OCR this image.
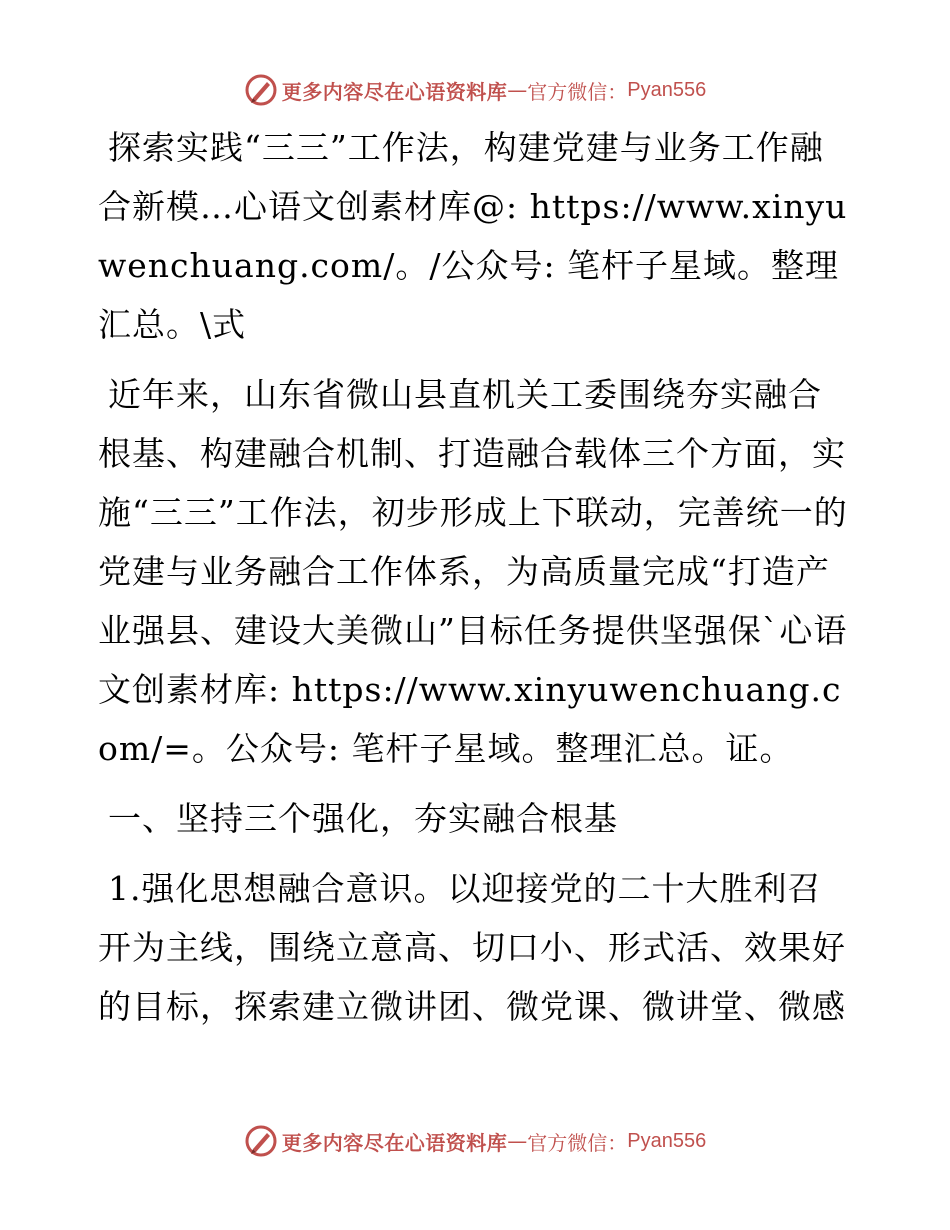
更多内容尽在心语资料库 — 官方微信： Pyan556

探索实践“三三”工作法，构建党建与业务工作融合新模…心语文创素材库@: https://www.xinyuwenchuang.com/。/公众号: 笔杆子星域。整理汇总。\式

近年来，山东省微山县直机关工委围绕夯实融合根基、构建融合机制、打造融合载体三个方面，实施“三三”工作法，初步形成上下联动，完善统一的党建与业务融合工作体系，为高质量完成“打造产业强县、建设大美微山”目标任务提供坚强保`心语文创素材库: https://www.xinyuwenchuang.com/=。公众号: 笔杆子星域。整理汇总。证。

一、坚持三个强化，夯实融合根基

1.强化思想融合意识。以迎接党的二十大胜利召开为主线，围绕立意高、切口小、形式活、效果好的目标，探索建立微讲团、微党课、微讲堂、微感

更多内容尽在心语资料库 — 官方微信： Pyan556
